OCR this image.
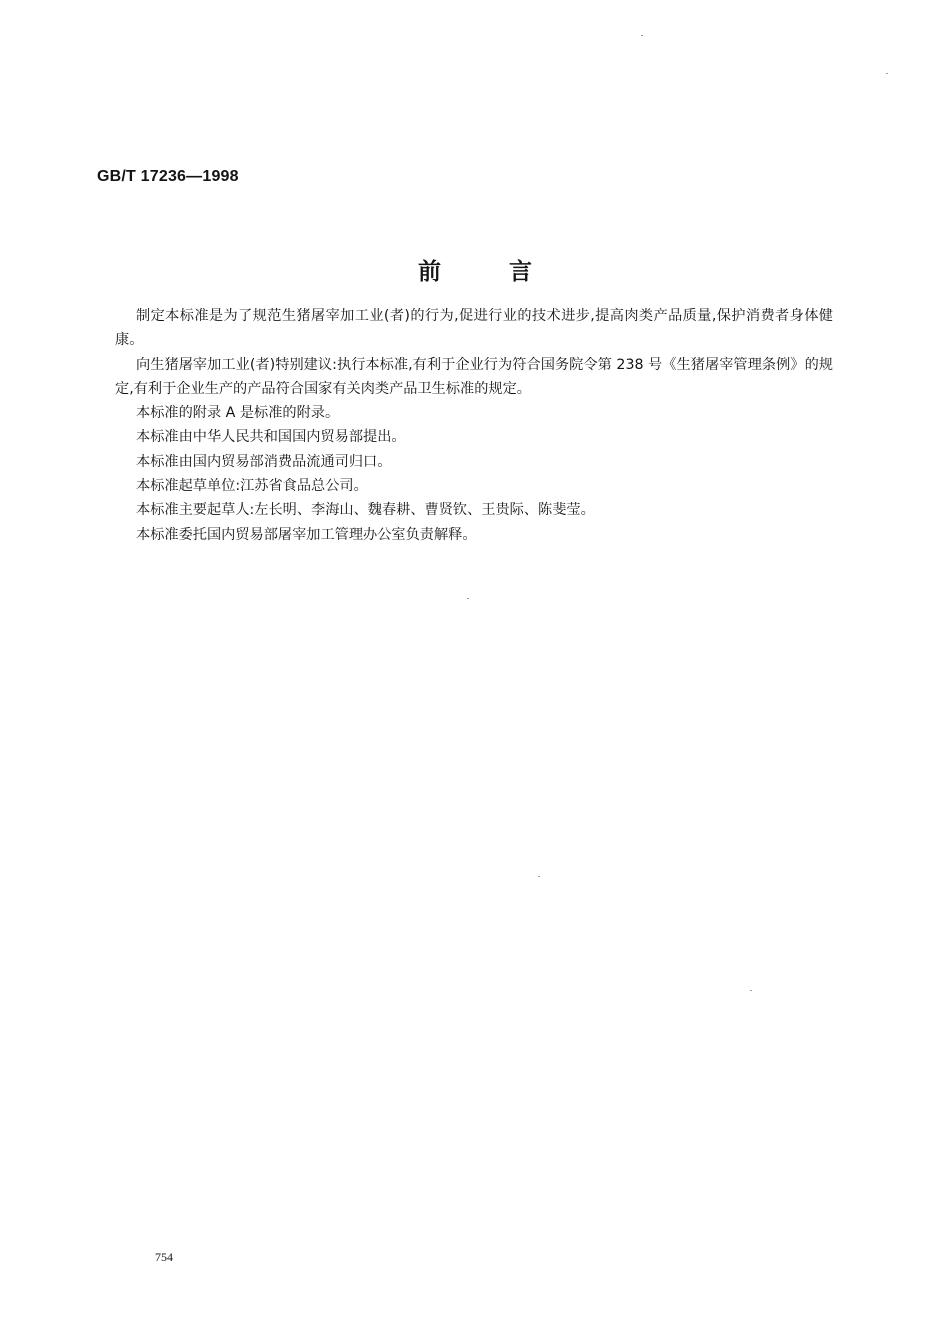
GB/T 17236—1998
前言

制定本标准是为了规范生猪屠宰加工业(者)的行为,促进行业的技术进步,提高肉类产品质量,保护消费者身体健康。

向生猪屠宰加工业(者)特别建议:执行本标准,有利于企业行为符合国务院令第 238 号《生猪屠宰管理条例》的规定,有利于企业生产的产品符合国家有关肉类产品卫生标准的规定。

本标准的附录 A 是标准的附录。

本标准由中华人民共和国国内贸易部提出。

本标准由国内贸易部消费品流通司归口。

本标准起草单位:江苏省食品总公司。

本标准主要起草人:左长明、李海山、魏春耕、曹贤钦、王贵际、陈斐莹。

本标准委托国内贸易部屠宰加工管理办公室负责解释。

754
